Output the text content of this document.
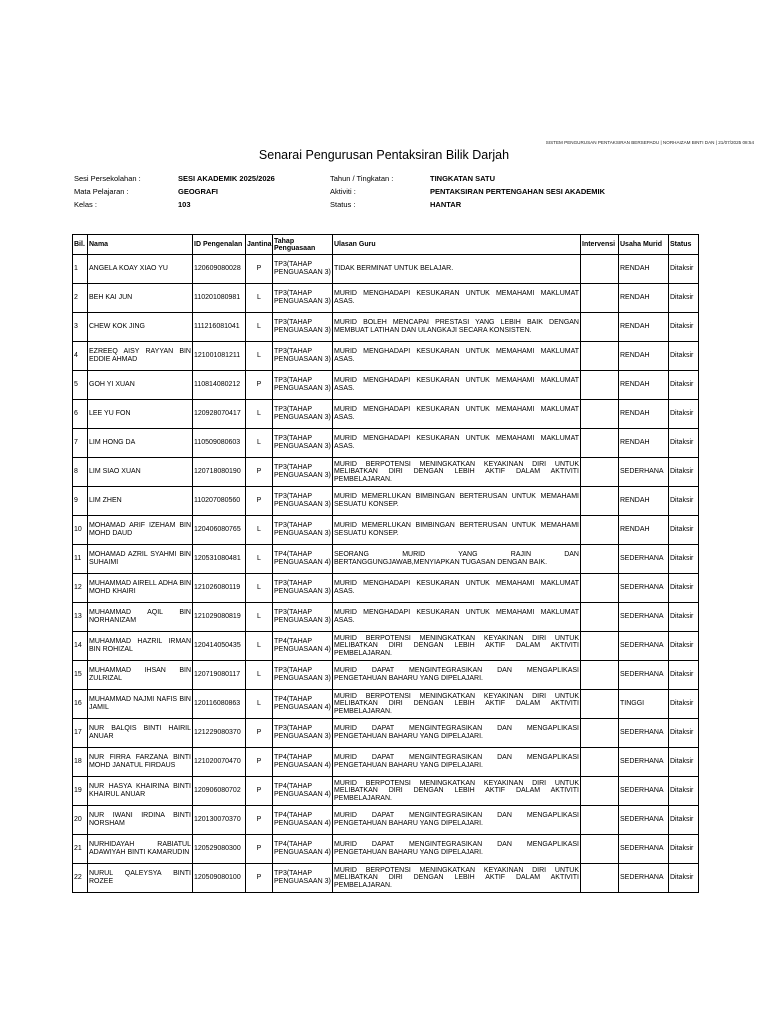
SISTEM PENGURUSAN PENTAKSIRAN BERSEPADU | NORHAIZAM BINTI DAN | 21/07/2025 08:54
Senarai Pengurusan Pentaksiran Bilik Darjah
Sesi Persekolahan :	SESI AKADEMIK 2025/2026	Tahun / Tingkatan :	TINGKATAN SATU
Mata Pelajaran :	GEOGRAFI	Aktiviti :	PENTAKSIRAN PERTENGAHAN SESI AKADEMIK
Kelas :	103	Status :	HANTAR
Bil.	Nama	ID Pengenalan	Jantina	Tahap Penguasaan	Ulasan Guru	Intervensi	Usaha Murid	Status
1	ANGELA KOAY XIAO YU	120609080028	P	TP3(TAHAP PENGUASAAN 3)	TIDAK BERMINAT UNTUK BELAJAR.		RENDAH	Ditaksir
2	BEH KAI JUN	110201080981	L	TP3(TAHAP PENGUASAAN 3)	MURID MENGHADAPI KESUKARAN UNTUK MEMAHAMI MAKLUMAT ASAS.		RENDAH	Ditaksir
3	CHEW KOK JING	111216081041	L	TP3(TAHAP PENGUASAAN 3)	MURID BOLEH MENCAPAI PRESTASI YANG LEBIH BAIK DENGAN MEMBUAT LATIHAN DAN ULANGKAJI SECARA KONSISTEN.		RENDAH	Ditaksir
4	EZREEQ AISY RAYYAN BIN EDDIE AHMAD	121001081211	L	TP3(TAHAP PENGUASAAN 3)	MURID MENGHADAPI KESUKARAN UNTUK MEMAHAMI MAKLUMAT ASAS.		RENDAH	Ditaksir
5	GOH YI XUAN	110814080212	P	TP3(TAHAP PENGUASAAN 3)	MURID MENGHADAPI KESUKARAN UNTUK MEMAHAMI MAKLUMAT ASAS.		RENDAH	Ditaksir
6	LEE YU FON	120928070417	L	TP3(TAHAP PENGUASAAN 3)	MURID MENGHADAPI KESUKARAN UNTUK MEMAHAMI MAKLUMAT ASAS.		RENDAH	Ditaksir
7	LIM HONG DA	110509080603	L	TP3(TAHAP PENGUASAAN 3)	MURID MENGHADAPI KESUKARAN UNTUK MEMAHAMI MAKLUMAT ASAS.		RENDAH	Ditaksir
8	LIM SIAO XUAN	120718080190	P	TP3(TAHAP PENGUASAAN 3)	MURID BERPOTENSI MENINGKATKAN KEYAKINAN DIRI UNTUK MELIBATKAN DIRI DENGAN LEBIH AKTIF DALAM AKTIVITI PEMBELAJARAN.		SEDERHANA	Ditaksir
9	LIM ZHEN	110207080560	P	TP3(TAHAP PENGUASAAN 3)	MURID MEMERLUKAN BIMBINGAN BERTERUSAN UNTUK MEMAHAMI SESUATU KONSEP.		RENDAH	Ditaksir
10	MOHAMAD ARIF IZEHAM BIN MOHD DAUD	120406080765	L	TP3(TAHAP PENGUASAAN 3)	MURID MEMERLUKAN BIMBINGAN BERTERUSAN UNTUK MEMAHAMI SESUATU KONSEP.		RENDAH	Ditaksir
11	MOHAMAD AZRIL SYAHMI BIN SUHAIMI	120531080481	L	TP4(TAHAP PENGUASAAN 4)	SEORANG MURID YANG RAJIN DAN BERTANGGUNGJAWAB,MENYIAPKAN TUGASAN DENGAN BAIK.		SEDERHANA	Ditaksir
12	MUHAMMAD AIRELL ADHA BIN MOHD KHAIRI	121026080119	L	TP3(TAHAP PENGUASAAN 3)	MURID MENGHADAPI KESUKARAN UNTUK MEMAHAMI MAKLUMAT ASAS.		SEDERHANA	Ditaksir
13	MUHAMMAD AQIL BIN NORHANIZAM	121029080819	L	TP3(TAHAP PENGUASAAN 3)	MURID MENGHADAPI KESUKARAN UNTUK MEMAHAMI MAKLUMAT ASAS.		SEDERHANA	Ditaksir
14	MUHAMMAD HAZRIL IRMAN BIN ROHIZAL	120414050435	L	TP4(TAHAP PENGUASAAN 4)	MURID BERPOTENSI MENINGKATKAN KEYAKINAN DIRI UNTUK MELIBATKAN DIRI DENGAN LEBIH AKTIF DALAM AKTIVITI PEMBELAJARAN.		SEDERHANA	Ditaksir
15	MUHAMMAD IHSAN BIN ZULRIZAL	120719080117	L	TP3(TAHAP PENGUASAAN 3)	MURID DAPAT MENGINTEGRASIKAN DAN MENGAPLIKASI PENGETAHUAN BAHARU YANG DIPELAJARI.		SEDERHANA	Ditaksir
16	MUHAMMAD NAJMI NAFIS BIN JAMIL	120116080863	L	TP4(TAHAP PENGUASAAN 4)	MURID BERPOTENSI MENINGKATKAN KEYAKINAN DIRI UNTUK MELIBATKAN DIRI DENGAN LEBIH AKTIF DALAM AKTIVITI PEMBELAJARAN.		TINGGI	Ditaksir
17	NUR BALQIS BINTI HAIRIL ANUAR	121229080370	P	TP3(TAHAP PENGUASAAN 3)	MURID DAPAT MENGINTEGRASIKAN DAN MENGAPLIKASI PENGETAHUAN BAHARU YANG DIPELAJARI.		SEDERHANA	Ditaksir
18	NUR FIRRA FARZANA BINTI MOHD JANATUL FIRDAUS	121020070470	P	TP4(TAHAP PENGUASAAN 4)	MURID DAPAT MENGINTEGRASIKAN DAN MENGAPLIKASI PENGETAHUAN BAHARU YANG DIPELAJARI.		SEDERHANA	Ditaksir
19	NUR HASYA KHAIRINA BINTI KHAIRUL ANUAR	120906080702	P	TP4(TAHAP PENGUASAAN 4)	MURID BERPOTENSI MENINGKATKAN KEYAKINAN DIRI UNTUK MELIBATKAN DIRI DENGAN LEBIH AKTIF DALAM AKTIVITI PEMBELAJARAN.		SEDERHANA	Ditaksir
20	NUR IWANI IRDINA BINTI NORSHAM	120130070370	P	TP4(TAHAP PENGUASAAN 4)	MURID DAPAT MENGINTEGRASIKAN DAN MENGAPLIKASI PENGETAHUAN BAHARU YANG DIPELAJARI.		SEDERHANA	Ditaksir
21	NURHIDAYAH RABIATUL ADAWIYAH BINTI KAMARUDIN	120529080300	P	TP4(TAHAP PENGUASAAN 4)	MURID DAPAT MENGINTEGRASIKAN DAN MENGAPLIKASI PENGETAHUAN BAHARU YANG DIPELAJARI.		SEDERHANA	Ditaksir
22	NURUL QALEYSYA BINTI ROZEE	120509080100	P	TP3(TAHAP PENGUASAAN 3)	MURID BERPOTENSI MENINGKATKAN KEYAKINAN DIRI UNTUK MELIBATKAN DIRI DENGAN LEBIH AKTIF DALAM AKTIVITI PEMBELAJARAN.		SEDERHANA	Ditaksir
